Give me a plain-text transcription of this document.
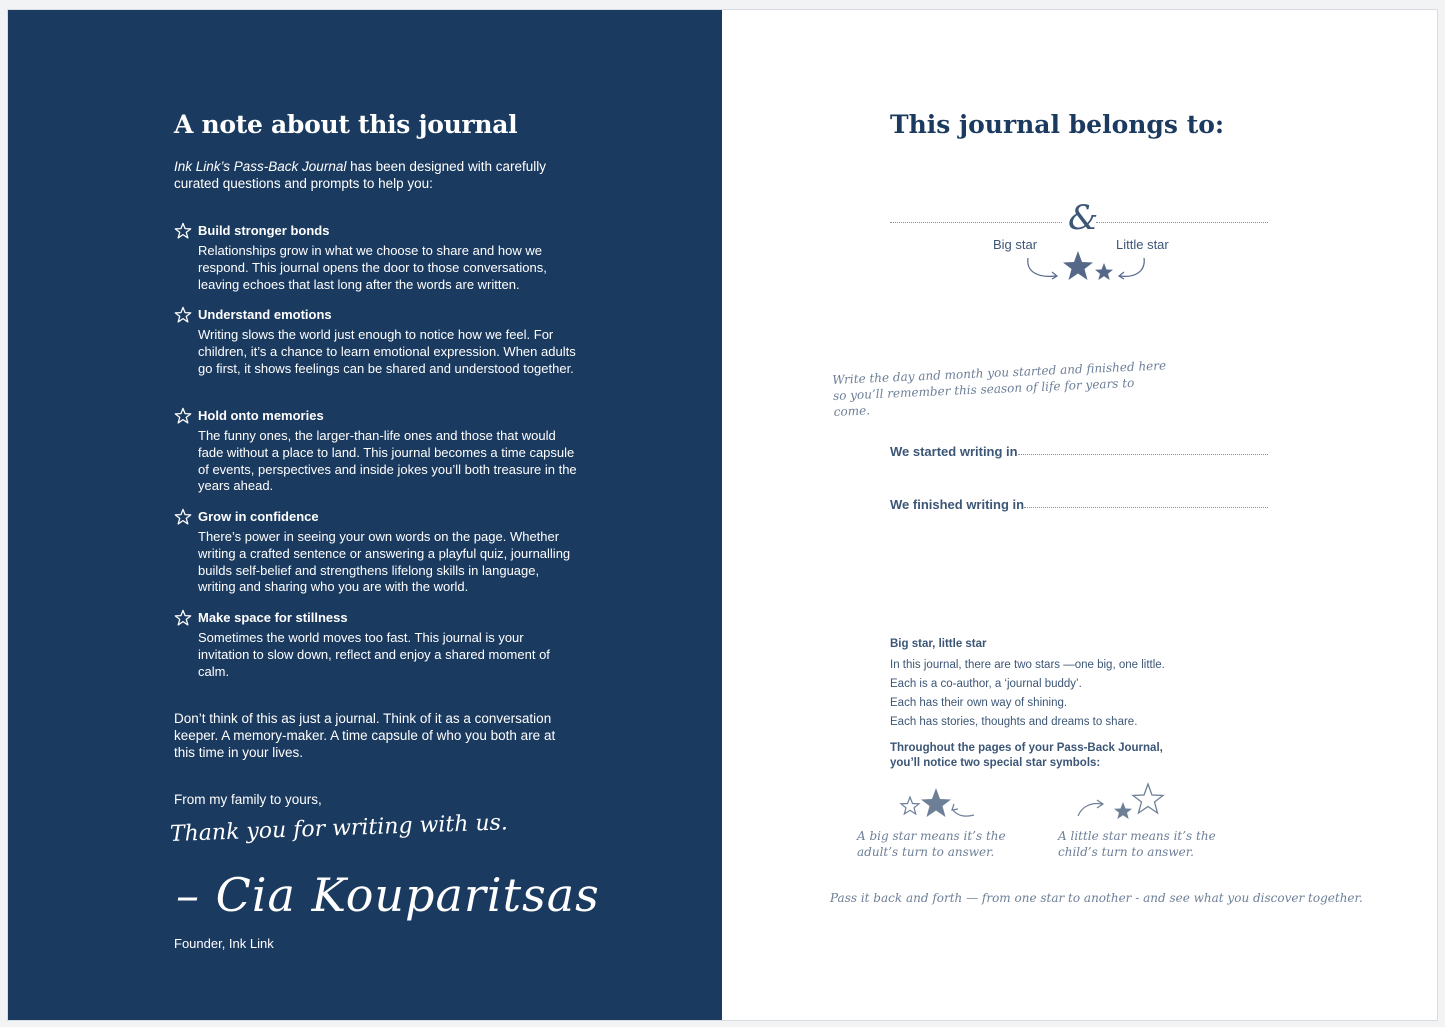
A note about this journal
Ink Link’s Pass-Back Journal has been designed with carefully curated questions and prompts to help you:
Build stronger bonds
Relationships grow in what we choose to share and how we respond. This journal opens the door to those conversations, leaving echoes that last long after the words are written.
Understand emotions
Writing slows the world just enough to notice how we feel. For children, it’s a chance to learn emotional expression. When adults go first, it shows feelings can be shared and understood together.
Hold onto memories
The funny ones, the larger-than-life ones and those that would fade without a place to land. This journal becomes a time capsule of events, perspectives and inside jokes you’ll both treasure in the years ahead.
Grow in confidence
There’s power in seeing your own words on the page. Whether writing a crafted sentence or answering a playful quiz, journalling builds self-belief and strengthens lifelong skills in language, writing and sharing who you are with the world.
Make space for stillness
Sometimes the world moves too fast. This journal is your invitation to slow down, reflect and enjoy a shared moment of calm.
Don’t think of this as just a journal. Think of it as a conversation keeper. A memory-maker. A time capsule of who you both are at this time in your lives.
From my family to yours,
Thank you for writing with us.
– Cia Kouparitsas
Founder, Ink Link
This journal belongs to:
&
Big star	Little star
Write the day and month you started and finished here so you’ll remember this season of life for years to come.
We started writing in
We finished writing in
Big star, little star
In this journal, there are two stars —one big, one little.
Each is a co-author, a ‘journal buddy’.
Each has their own way of shining.
Each has stories, thoughts and dreams to share.
Throughout the pages of your Pass-Back Journal,
you’ll notice two special star symbols:
A big star means it’s the
adult’s turn to answer.
A little star means it’s the
child’s turn to answer.
Pass it back and forth — from one star to another - and see what you discover together.
